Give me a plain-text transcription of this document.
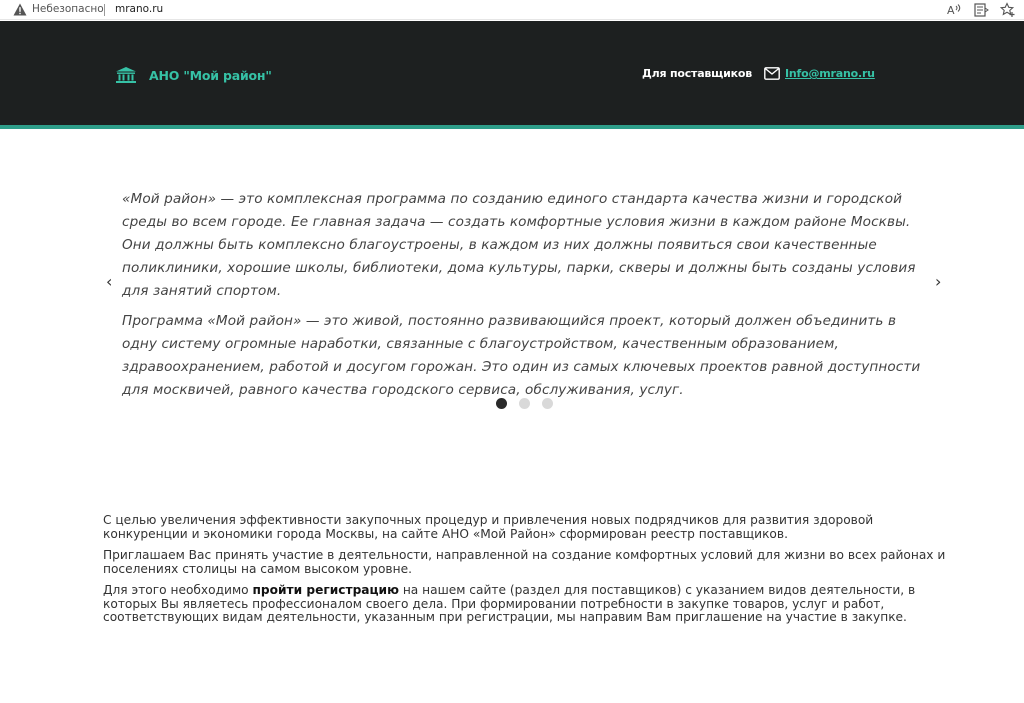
Небезопасно mrano.ru	A
АНО "Мой район"	Для поставщиков	Info@mrano.ru

«Мой район» — это комплексная программа по созданию единого стандарта качества жизни и городской среды во всем городе. Ее главная задача — создать комфортные условия жизни в каждом районе Москвы. Они должны быть комплексно благоустроены, в каждом из них должны появиться свои качественные поликлиники, хорошие школы, библиотеки, дома культуры, парки, скверы и должны быть созданы условия для занятий спортом.

Программа «Мой район» — это живой, постоянно развивающийся проект, который должен объединить в одну систему огромные наработки, связанные с благоустройством, качественным образованием, здравоохранением, работой и досугом горожан. Это один из самых ключевых проектов равной доступности для москвичей, равного качества городского сервиса, обслуживания, услуг.

‹	›

С целью увеличения эффективности закупочных процедур и привлечения новых подрядчиков для развития здоровой конкуренции и экономики города Москвы, на сайте АНО «Мой Район» сформирован реестр поставщиков.

Приглашаем Вас принять участие в деятельности, направленной на создание комфортных условий для жизни во всех районах и поселениях столицы на самом высоком уровне.

Для этого необходимо пройти регистрацию на нашем сайте (раздел для поставщиков) с указанием видов деятельности, в которых Вы являетесь профессионалом своего дела. При формировании потребности в закупке товаров, услуг и работ, соответствующих видам деятельности, указанным при регистрации, мы направим Вам приглашение на участие в закупке.
